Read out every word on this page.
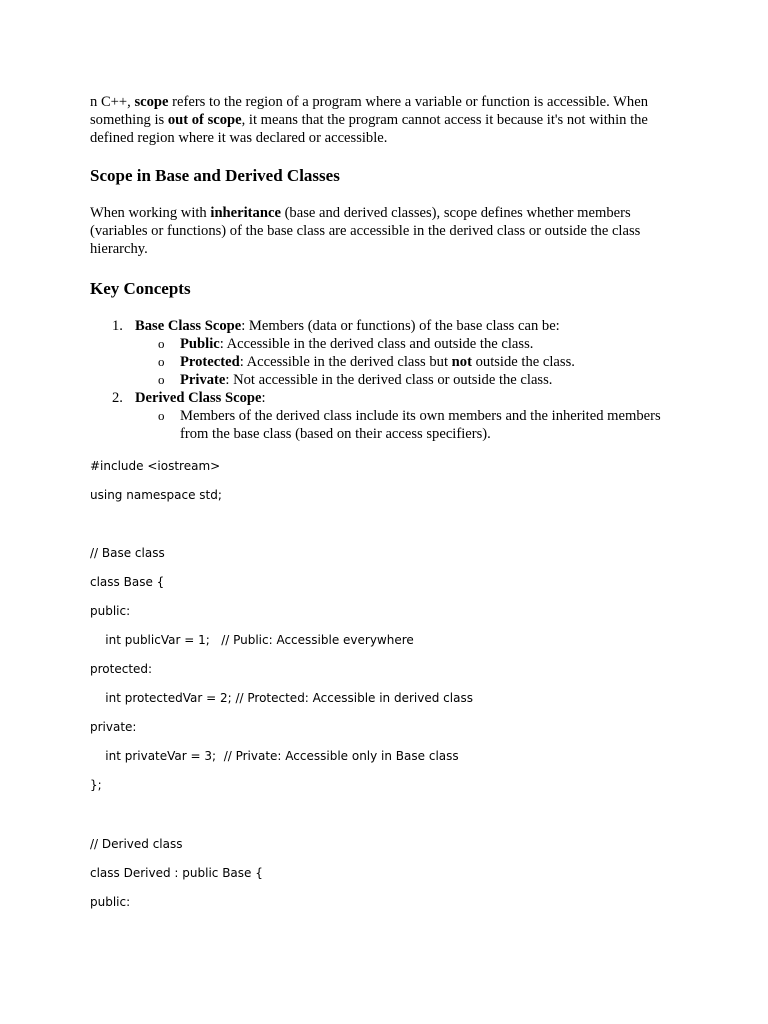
n C++, scope refers to the region of a program where a variable or function is accessible. When something is out of scope, it means that the program cannot access it because it's not within the defined region where it was declared or accessible.

Scope in Base and Derived Classes

When working with inheritance (base and derived classes), scope defines whether members (variables or functions) of the base class are accessible in the derived class or outside the class hierarchy.

Key Concepts
1. Base Class Scope: Members (data or functions) of the base class can be:
o Public: Accessible in the derived class and outside the class.
o Protected: Accessible in the derived class but not outside the class.
o Private: Not accessible in the derived class or outside the class.
2. Derived Class Scope:
o Members of the derived class include its own members and the inherited members from the base class (based on their access specifiers).
#include <iostream>
using namespace std;
// Base class
class Base {
public:
int publicVar = 1;   // Public: Accessible everywhere
protected:
int protectedVar = 2; // Protected: Accessible in derived class
private:
int privateVar = 3;  // Private: Accessible only in Base class
};
// Derived class
class Derived : public Base {
public:
